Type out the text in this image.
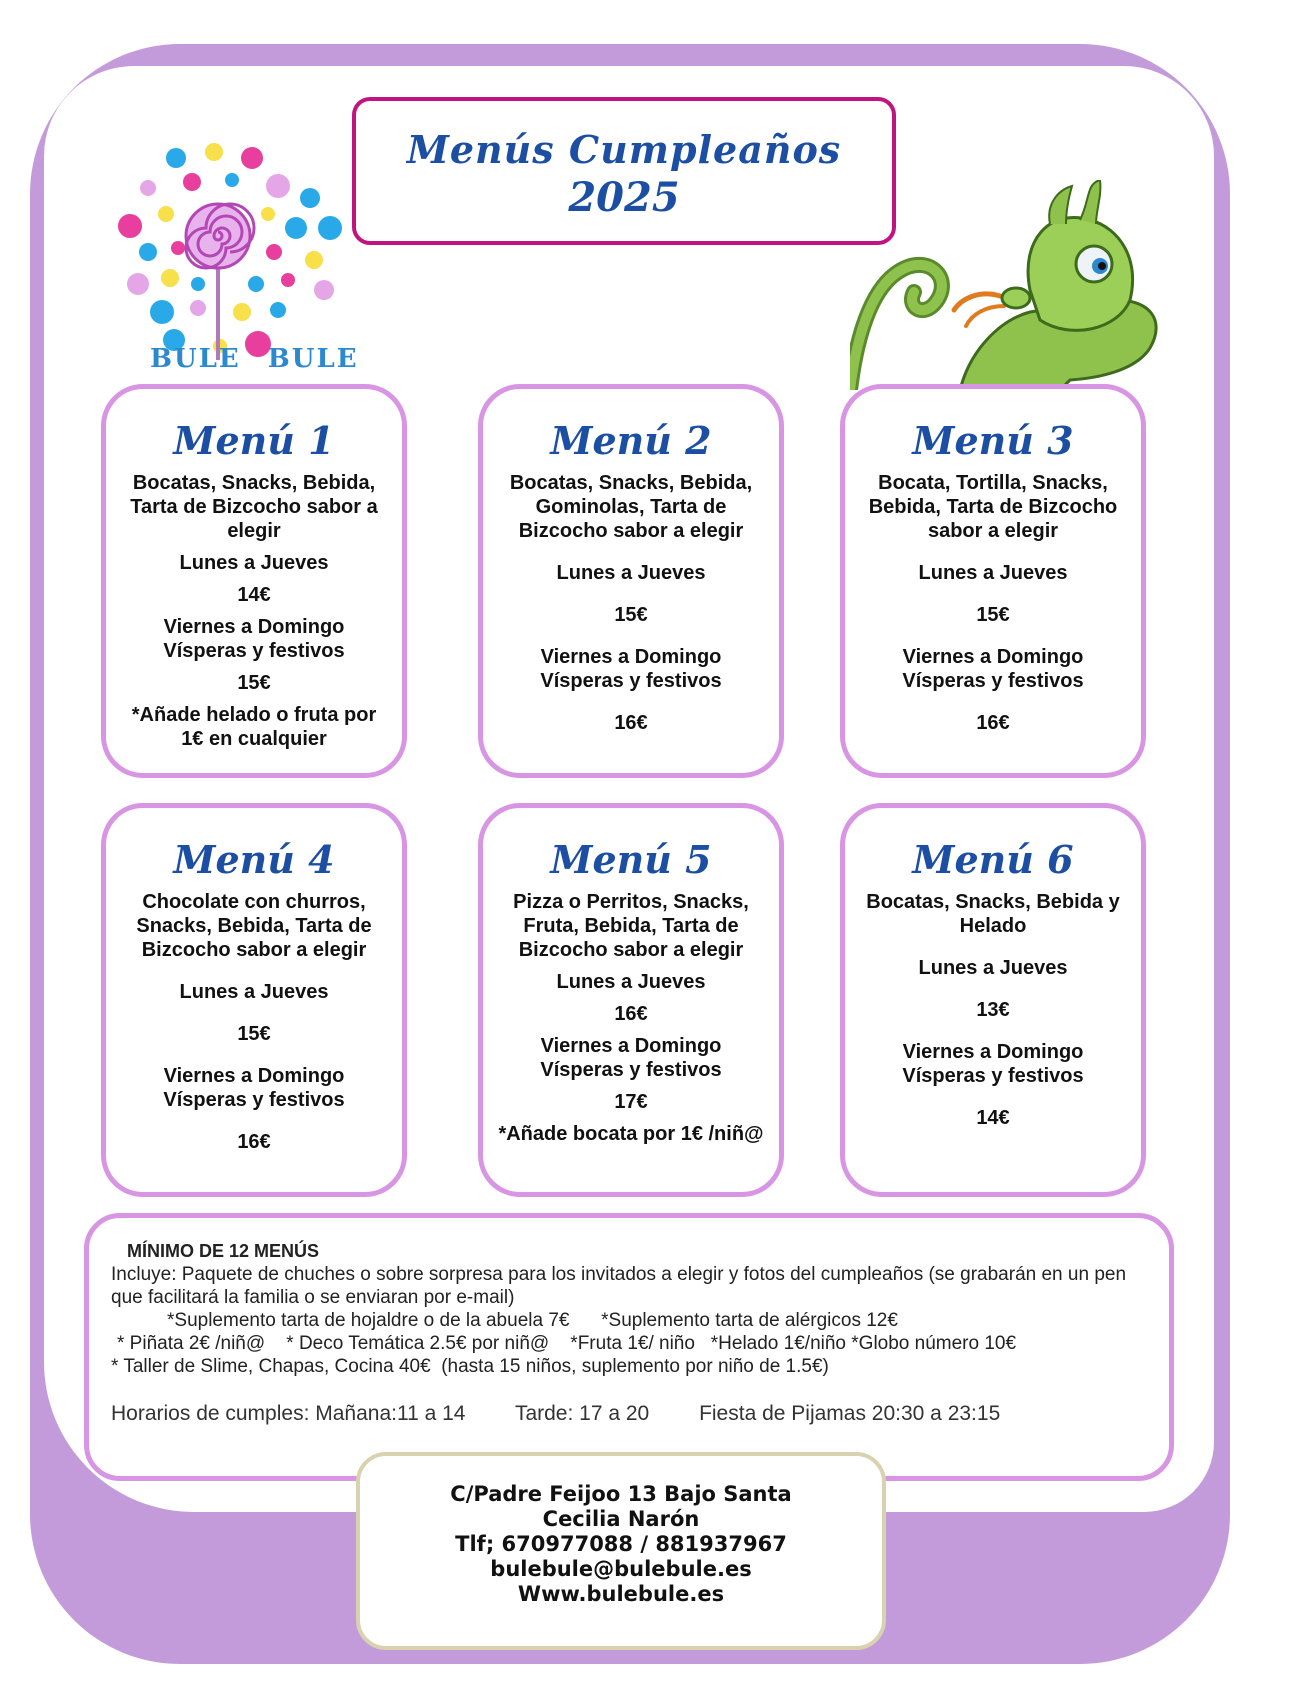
BULE BULE
Menús Cumpleaños
2025
Menú 1

Bocatas, Snacks, Bebida, Tarta de Bizcocho sabor a elegir

Lunes a Jueves

14€

Viernes a Domingo Vísperas y festivos

15€

*Añade helado o fruta por 1€ en cualquier

Menú 2

Bocatas, Snacks, Bebida, Gominolas, Tarta de Bizcocho sabor a elegir

Lunes a Jueves

15€

Viernes a Domingo Vísperas y festivos

16€

Menú 3

Bocata, Tortilla, Snacks, Bebida, Tarta de Bizcocho sabor a elegir

Lunes a Jueves

15€

Viernes a Domingo Vísperas y festivos

16€

Menú 4

Chocolate con churros, Snacks, Bebida, Tarta de Bizcocho sabor a elegir

Lunes a Jueves

15€

Viernes a Domingo Vísperas y festivos

16€

Menú 5

Pizza o Perritos, Snacks, Fruta, Bebida, Tarta de Bizcocho sabor a elegir

Lunes a Jueves

16€

Viernes a Domingo Vísperas y festivos

17€

*Añade bocata por 1€ /niñ@

Menú 6

Bocatas, Snacks, Bebida y Helado

Lunes a Jueves

13€

Viernes a Domingo Vísperas y festivos

14€

MÍNIMO DE 12 MENÚS
Incluye: Paquete de chuches o sobre sorpresa para los invitados a elegir y fotos del cumpleaños (se grabarán en un pen que facilitará la familia o se enviaran por e-mail)
*Suplemento tarta de hojaldre o de la abuela 7€      *Suplemento tarta de alérgicos 12€
* Piñata 2€ /niñ@    * Deco Temática 2.5€ por niñ@    *Fruta 1€/ niño   *Helado 1€/niño *Globo número 10€
* Taller de Slime, Chapas, Cocina 40€  (hasta 15 niños, suplemento por niño de 1.5€)
Horarios de cumples: Mañana:11 a 14 Tarde: 17 a 20 Fiesta de Pijamas 20:30 a 23:15
C/Padre Feijoo 13 Bajo Santa
Cecilia Narón
Tlf; 670977088 / 881937967
bulebule@bulebule.es
Www.bulebule.es
